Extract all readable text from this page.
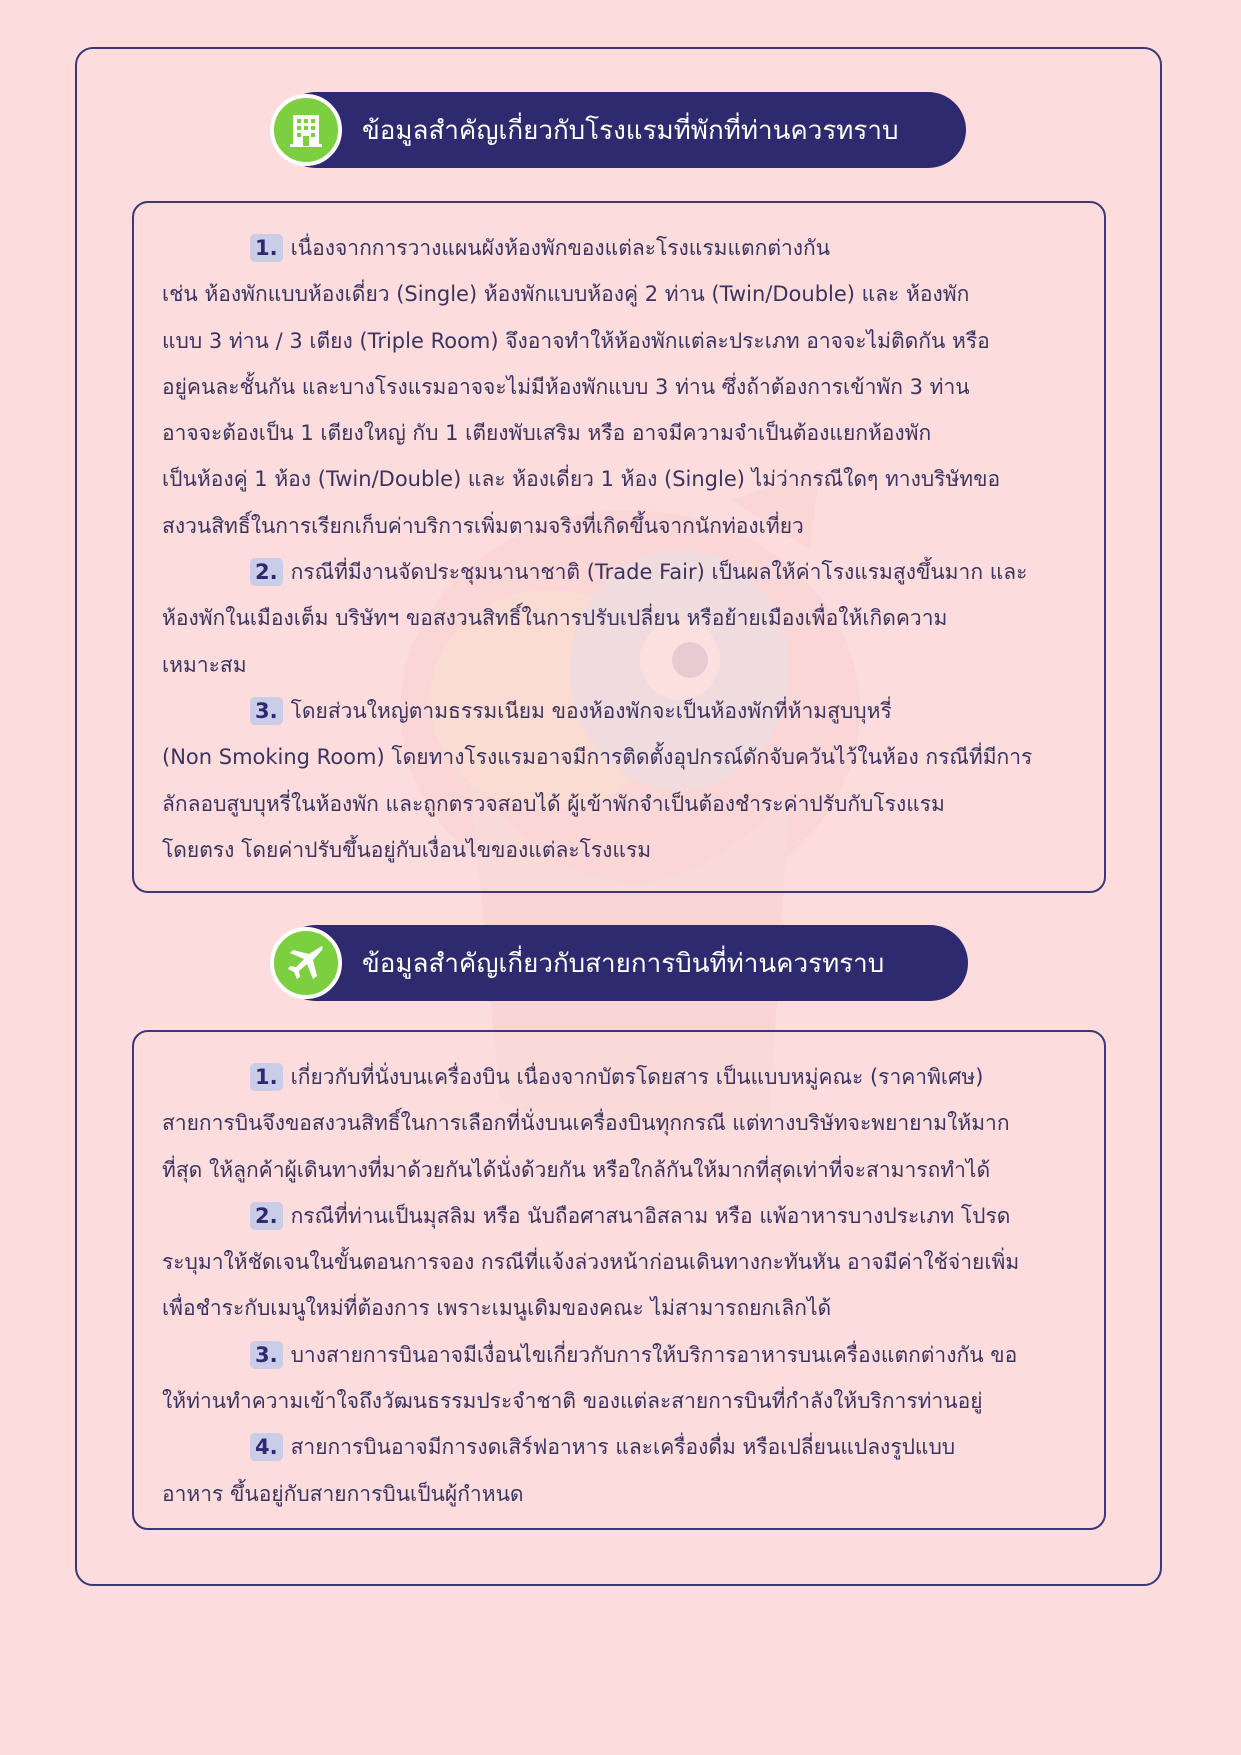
ข้อมูลสำคัญเกี่ยวกับโรงแรมที่พักที่ท่านควรทราบ

1. เนื่องจากการวางแผนผังห้องพักของแต่ละโรงแรมแตกต่างกัน
เช่น ห้องพักแบบห้องเดี่ยว (Single) ห้องพักแบบห้องคู่ 2 ท่าน (Twin/Double) และ ห้องพัก
แบบ 3 ท่าน / 3 เตียง (Triple Room) จึงอาจทำให้ห้องพักแต่ละประเภท อาจจะไม่ติดกัน หรือ
อยู่คนละชั้นกัน และบางโรงแรมอาจจะไม่มีห้องพักแบบ 3 ท่าน ซึ่งถ้าต้องการเข้าพัก 3 ท่าน
อาจจะต้องเป็น 1 เตียงใหญ่ กับ 1 เตียงพับเสริม หรือ อาจมีความจำเป็นต้องแยกห้องพัก
เป็นห้องคู่ 1 ห้อง (Twin/Double) และ ห้องเดี่ยว 1 ห้อง (Single) ไม่ว่ากรณีใดๆ ทางบริษัทขอ
สงวนสิทธิ์ในการเรียกเก็บค่าบริการเพิ่มตามจริงที่เกิดขึ้นจากนักท่องเที่ยว

2. กรณีที่มีงานจัดประชุมนานาชาติ (Trade Fair) เป็นผลให้ค่าโรงแรมสูงขึ้นมาก และ
ห้องพักในเมืองเต็ม บริษัทฯ ขอสงวนสิทธิ์ในการปรับเปลี่ยน หรือย้ายเมืองเพื่อให้เกิดความ
เหมาะสม

3. โดยส่วนใหญ่ตามธรรมเนียม ของห้องพักจะเป็นห้องพักที่ห้ามสูบบุหรี่
(Non Smoking Room) โดยทางโรงแรมอาจมีการติดตั้งอุปกรณ์ดักจับควันไว้ในห้อง กรณีที่มีการ
ลักลอบสูบบุหรี่ในห้องพัก และถูกตรวจสอบได้ ผู้เข้าพักจำเป็นต้องชำระค่าปรับกับโรงแรม
โดยตรง โดยค่าปรับขึ้นอยู่กับเงื่อนไขของแต่ละโรงแรม

ข้อมูลสำคัญเกี่ยวกับสายการบินที่ท่านควรทราบ

1. เกี่ยวกับที่นั่งบนเครื่องบิน เนื่องจากบัตรโดยสาร เป็นแบบหมู่คณะ (ราคาพิเศษ)
สายการบินจึงขอสงวนสิทธิ์ในการเลือกที่นั่งบนเครื่องบินทุกกรณี แต่ทางบริษัทจะพยายามให้มาก
ที่สุด ให้ลูกค้าผู้เดินทางที่มาด้วยกันได้นั่งด้วยกัน หรือใกล้กันให้มากที่สุดเท่าที่จะสามารถทำได้

2. กรณีที่ท่านเป็นมุสลิม หรือ นับถือศาสนาอิสลาม หรือ แพ้อาหารบางประเภท โปรด
ระบุมาให้ชัดเจนในขั้นตอนการจอง กรณีที่แจ้งล่วงหน้าก่อนเดินทางกะทันหัน อาจมีค่าใช้จ่ายเพิ่ม
เพื่อชำระกับเมนูใหม่ที่ต้องการ เพราะเมนูเดิมของคณะ ไม่สามารถยกเลิกได้

3. บางสายการบินอาจมีเงื่อนไขเกี่ยวกับการให้บริการอาหารบนเครื่องแตกต่างกัน ขอ
ให้ท่านทำความเข้าใจถึงวัฒนธรรมประจำชาติ ของแต่ละสายการบินที่กำลังให้บริการท่านอยู่

4. สายการบินอาจมีการงดเสิร์ฟอาหาร และเครื่องดื่ม หรือเปลี่ยนแปลงรูปแบบ
อาหาร ขึ้นอยู่กับสายการบินเป็นผู้กำหนด
